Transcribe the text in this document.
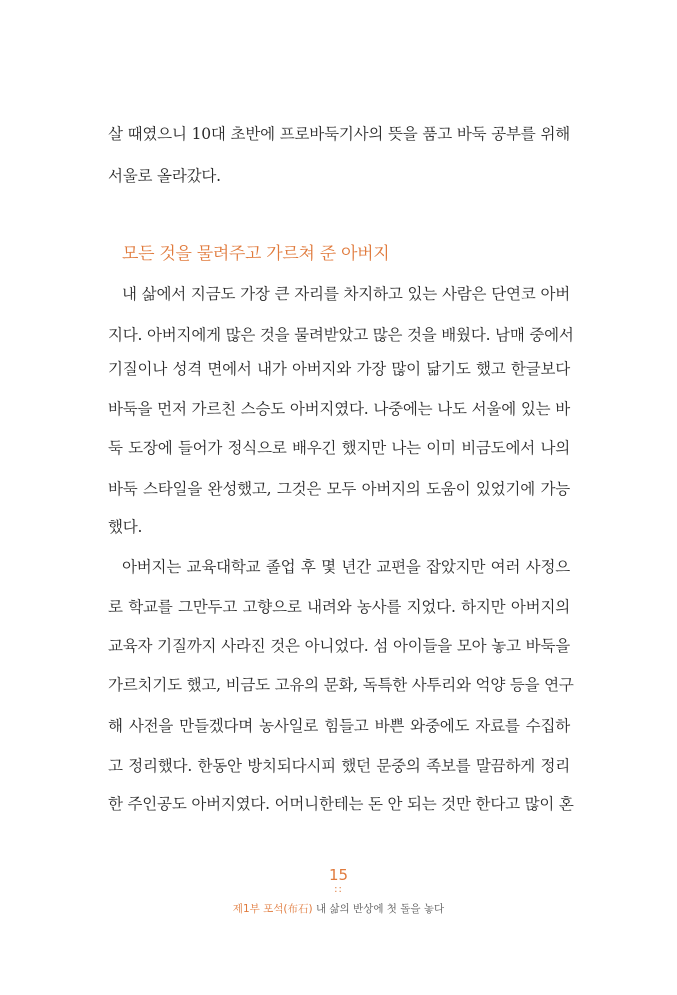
살 때였으니 10대 초반에 프로바둑기사의 뜻을 품고 바둑 공부를 위해
서울로 올라갔다.
모든 것을 물려주고 가르쳐 준 아버지
내 삶에서 지금도 가장 큰 자리를 차지하고 있는 사람은 단연코 아버
지다. 아버지에게 많은 것을 물려받았고 많은 것을 배웠다. 남매 중에서
기질이나 성격 면에서 내가 아버지와 가장 많이 닮기도 했고 한글보다
바둑을 먼저 가르친 스승도 아버지였다. 나중에는 나도 서울에 있는 바
둑 도장에 들어가 정식으로 배우긴 했지만 나는 이미 비금도에서 나의
바둑 스타일을 완성했고, 그것은 모두 아버지의 도움이 있었기에 가능
했다.
아버지는 교육대학교 졸업 후 몇 년간 교편을 잡았지만 여러 사정으
로 학교를 그만두고 고향으로 내려와 농사를 지었다. 하지만 아버지의
교육자 기질까지 사라진 것은 아니었다. 섬 아이들을 모아 놓고 바둑을
가르치기도 했고, 비금도 고유의 문화, 독특한 사투리와 억양 등을 연구
해 사전을 만들겠다며 농사일로 힘들고 바쁜 와중에도 자료를 수집하
고 정리했다. 한동안 방치되다시피 했던 문중의 족보를 말끔하게 정리
한 주인공도 아버지였다. 어머니한테는 돈 안 되는 것만 한다고 많이 혼
15
::
제1부 포석(布石) 내 삶의 반상에 첫 돌을 놓다
